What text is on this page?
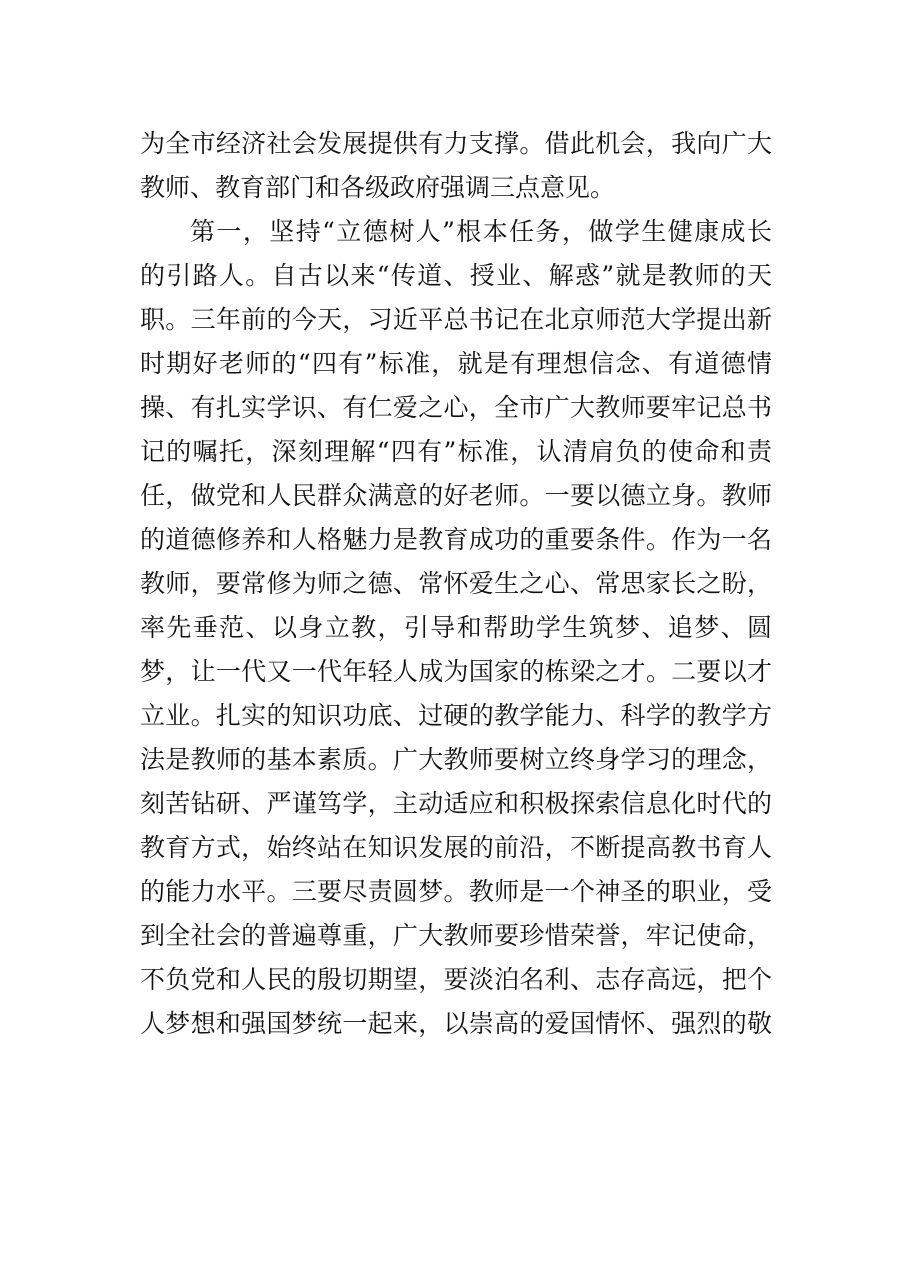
为全市经济社会发展提供有力支撑。借此机会，我向广大
教师、教育部门和各级政府强调三点意见。
第一，坚持“立德树人”根本任务，做学生健康成长
的引路人。自古以来“传道、授业、解惑”就是教师的天
职。三年前的今天，习近平总书记在北京师范大学提出新
时期好老师的“四有”标准，就是有理想信念、有道德情
操、有扎实学识、有仁爱之心，全市广大教师要牢记总书
记的嘱托，深刻理解“四有”标准，认清肩负的使命和责
任，做党和人民群众满意的好老师。一要以德立身。教师
的道德修养和人格魅力是教育成功的重要条件。作为一名
教师，要常修为师之德、常怀爱生之心、常思家长之盼，
率先垂范、以身立教，引导和帮助学生筑梦、追梦、圆
梦，让一代又一代年轻人成为国家的栋梁之才。二要以才
立业。扎实的知识功底、过硬的教学能力、科学的教学方
法是教师的基本素质。广大教师要树立终身学习的理念，
刻苦钻研、严谨笃学，主动适应和积极探索信息化时代的
教育方式，始终站在知识发展的前沿，不断提高教书育人
的能力水平。三要尽责圆梦。教师是一个神圣的职业，受
到全社会的普遍尊重，广大教师要珍惜荣誉，牢记使命，
不负党和人民的殷切期望，要淡泊名利、志存高远，把个
人梦想和强国梦统一起来，以崇高的爱国情怀、强烈的敬
